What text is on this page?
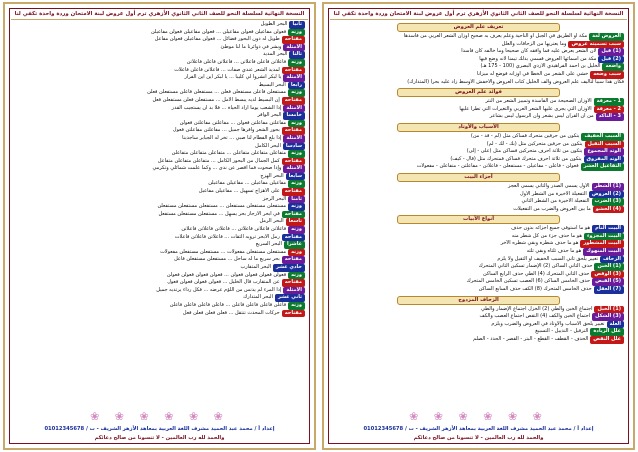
النسخة النهائية لسلسلة النحو للصف الثاني الثانوي الأزهري ترم أول عروض لبنة الامتحان وردة واحدة تكفي لنا
ثانياالبحر الطويل
وزنهفعولن مفاعيلن فعولن مفاعيلن ... فعولن مفاعيلن فعولن مفاعيلن
مفتاحهطويل له دون البحور فضائل ... فعولن مفاعيلن فعولن مفاعل
الأمثلةوبشر في دوائرنا ما لنا موطئ
ثالثاالبحر المديد
وزنهفاعلاتن فاعلن فاعلاتن ... فاعلاتن فاعلن فاعلاتن
مفتاحهلمديد الشعر عندي صفات ... فاعلاتن فاعلن فاعلات
الأمثلةيا لبكر أنشروا لي كليبا ... يا لبكر أين أين الفرار
رابعاالبحر البسيط
وزنهمستفعلن فاعلن مستفعلن فعلن ... مستفعلن فاعلن مستفعلن فعلن
مفتاحهإن البسيط لديه يبسط الأمل ... مستفعلن فعلن مستفعلن فعل
الأمثلةإذا الشعب يوما أراد الحياة ... فلا بد أن يستجيب القدر
خامساالبحر الوافر
وزنهمفاعلتن مفاعلتن فعولن ... مفاعلتن مفاعلتن فعولن
مفتاحهبحور الشعر وافرها جميل ... مفاعلتن مفاعلتن فعول
الأمثلةإذا بلغ الفطام لنا صبي ... تخر له الجبابر ساجدينا
سادساالبحر الكامل
وزنهمتفاعلن متفاعلن متفاعلن ... متفاعلن متفاعلن متفاعلن
مفتاحهكمل الجمال من البحور الكامل ... متفاعلن متفاعلن متفاعل
الأمثلةوإذا صحوت فما أقصر عن ندى ... وكما علمت شمائلي وتكرمي
سابعاالبحر الهزج
وزنهمفاعيلن مفاعيلن ... مفاعيلن مفاعيلن
مفتاحهعلى الأهزاج تسهيل ... مفاعيلن مفاعيل
ثامناالبحر الرجز
وزنهمستفعلن مستفعلن مستفعلن ... مستفعلن مستفعلن مستفعلن
مفتاحهفي أبحر الأرجاز بحر يسهل ... مستفعلن مستفعلن مستفعل
تاسعاالبحر الرمل
وزنهفاعلاتن فاعلاتن فاعلاتن ... فاعلاتن فاعلاتن فاعلاتن
مفتاحهرمل الأبحر ترويه الثقات ... فاعلاتن فاعلاتن فاعلات
عاشراالبحر السريع
وزنهمستفعلن مستفعلن مفعولات ... مستفعلن مستفعلن مفعولات
مفتاحهبحر سريع ما له ساحل ... مستفعلن مستفعلن فاعل
حادي عشرالبحر المتقارب
وزنهفعولن فعولن فعولن فعولن ... فعولن فعولن فعولن فعولن
مفتاحهعن المتقارب قال الخليل ... فعولن فعولن فعولن فعول
الأمثلةإذا المرء لم يدنس من اللؤم عرضه ... فكل رداء يرتديه جميل
ثاني عشرالبحر المتدارك
وزنهفاعلن فاعلن فاعلن فاعلن ... فاعلن فاعلن فاعلن فاعلن
مفتاحهحركات المحدث تنتقل ... فعلن فعلن فعلن فعل
❀ ❀ ❀ ❀ ❀ ❀
إعداد أ / محمد عبد الحميد مشرف اللغة العربية بمعاهد الأزهر الشريف - ت / 01012345678
والحمد لله رب العالمين - لا تنسونا من صالح دعائكم
النسخة النهائية لسلسلة النحو للصف الثاني الثانوي الأزهري ترم أول عروض لبنة الامتحان وردة واحدة تكفي لنا
تعريف علم العروض
العروض لغةمكة أو الطريق في الجبل أو الناحية وعلم يعرف به صحيح أوزان الشعر العربي من فاسدها
سبب تسميته عروضوما يعتريها من الزحافات والعلل
(1) قيللأن الشعر يعرض عليه فما وافقه كان صحيحا وما خالفه كان فاسدا
(2) قيلمكة من أسمائها العروض فسمي بذلك تيمنا لأنه وضع فيها
واضعهالخليل بن أحمد الفراهيدي الأزدي البصري (100 - 175 هـ)
سبب وضعهخشي على الشعر من الخطأ في أوزانه فوضع له ميزانا
فكان هذا سببا لتأليف علم العروض وألف الخليل كتاب العروض والأخفش الأوسط زاد عليه بحرا (المتدارك)
فوائد علم العروض
1 - معرفةالأوزان الصحيحة من الفاسدة وتمييز الشعر من النثر
2 - معرفةالأوزان التي يجرى عليها الشعر العربي والتغيرات التي تطرأ عليها
3 - التأكدمن أن القرآن ليس بشعر وأن الرسول ليس بشاعر
الأسباب والأوتاد
السبب الخفيفيتكون من حرفين متحرك فساكن مثل (لم - قد - من)
السبب الثقيليتكون من حرفين متحركين مثل (بك - لك - لم)
الوتد المجموعيتكون من ثلاثة أحرف متحركين فساكن مثل (على - إلى)
الوتد المفروقيتكون من ثلاثة أحرف متحرك فساكن فمتحرك مثل (قال - كيف)
التفاعيل العشرفعولن - فاعلن - مفاعيلن - مستفعلن - فاعلاتن - مفاعلتن - متفاعلن - مفعولات
أجزاء البيت
(1) الشطرالأول يسمى الصدر والثاني يسمى العجز
(2) العروضالتفعيلة الأخيرة من الشطر الأول
(3) الضربالتفعيلة الأخيرة من الشطر الثاني
(4) الحشوما بين العروض والضرب من التفعيلات
أنواع الأبيات
البيت التامهو ما استوفى جميع أجزائه بدون حذف
البيت المجزوءهو ما حذف جزء من كل شطر منه
البيت المشطورهو ما حذف شطره وبقي شطره الآخر
البيت المنهوكهو ما حذف ثلثاه وبقي ثلثه
الزحافتغيير يلحق ثاني السبب الخفيف أو الثقيل ولا يلزم
(1) الخبنحذف الثاني الساكن (2) الإضمار تسكين الثاني المتحرك
(3) الوقصحذف الثاني المتحرك (4) الطي حذف الرابع الساكن
(5) القبضحذف الخامس الساكن (6) العصب تسكين الخامس المتحرك
(7) العقلحذف الخامس المتحرك (8) الكف حذف السابع الساكن
الزحاف المزدوج
(1) الخبلاجتماع الخبن والطي (2) الخزل اجتماع الإضمار والطي
(3) الشكلاجتماع الخبن والكف (4) النقص اجتماع العصب والكف
العلةتغيير يلحق الأسباب والأوتاد في العروض والضرب ويلزم
علل الزيادةالترفيل - التذييل - التسبيغ
علل النقصالحذف - القطف - القطع - البتر - القصر - الحذذ - الصلم
❀ ❀ ❀ ❀ ❀ ❀
إعداد أ / محمد عبد الحميد مشرف اللغة العربية بمعاهد الأزهر الشريف - ت / 01012345678
والحمد لله رب العالمين - لا تنسونا من صالح دعائكم
